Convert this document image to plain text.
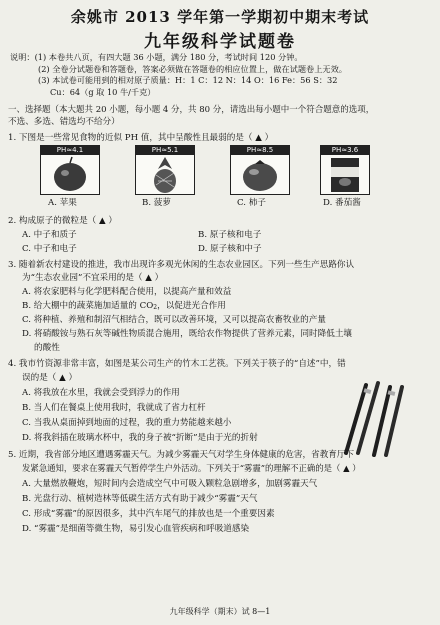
余姚市 2013 学年第一学期初中期末考试
九年级科学试题卷
说明：(1) 本卷共八页，有四大题 36 小题，满分 180 分，考试时间 120 分钟。
(2) 全卷分试题卷和答题卷，答案必须做在答题卷的相应位置上，做在试题卷上无效。
(3) 本试卷可能用到的相对原子质量：H：1 C：12 N：14 O：16 Fe：56 S：32
Cu：64（g 取 10 牛/千克）
一、选择题（本大题共 20 小题，每小题 4 分，共 80 分，请选出每小题中一个符合题意的选项，
不选、多选、错选均不给分）
1. 下图是一些常见食物的近似 PH 值，其中呈酸性且最弱的是（ ▲ ）
PH≈4.1	PH≈5.1	PH≈8.5	PH≈3.6
A. 苹果	B. 菠萝	C. 柿子	D. 番茄酱
2. 构成原子的微粒是（ ▲ ）
A. 中子和质子	B. 原子核和电子
C. 中子和电子	D. 原子核和中子
3. 随着新农村建设的推进，我市出现许多观光休闲的生态农业园区。下列一些生产思路你认
为“生态农业园”不宜采用的是（ ▲ ）
A. 将农家肥料与化学肥料配合使用，以提高产量和效益
B. 给大棚中的蔬菜施加适量的 CO2，以促进光合作用
C. 将种植、养殖和制沼气相结合，既可以改善环境，又可以提高农畜牧业的产量
D. 将硝酸铵与熟石灰等碱性物质混合施用，既给农作物提供了营养元素，同时降低土壤
的酸性
4. 我市竹资源非常丰富，如图是某公司生产的竹木工艺筷。下列关于筷子的“自述”中，错
误的是（ ▲ ）
A. 将我放在水里，我就会受到浮力的作用
B. 当人们在餐桌上使用我时，我就成了省力杠杆
C. 当我从桌面掉到地面的过程，我的重力势能越来越小
D. 将我斜插在玻璃水杯中，我的身子被“折断”是由于光的折射
5. 近期，我省部分地区遭遇雾霾天气。为减少雾霾天气对学生身体健康的危害，省教育厅下
发紧急通知，要求在雾霾天气暂停学生户外活动。下列关于“雾霾”的理解不正确的是（ ▲ ）
A. 大量燃放鞭炮，短时间内会造成空气中可吸入颗粒急剧增多，加剧雾霾天气
B. 光盘行动、植树造林等低碳生活方式有助于减少“雾霾”天气
C. 形成“雾霾”的原因很多，其中汽车尾气的排放也是一个重要因素
D. “雾霾”是细菌等微生物，易引发心血管疾病和呼吸道感染
九年级科学（期末）试 8—1
